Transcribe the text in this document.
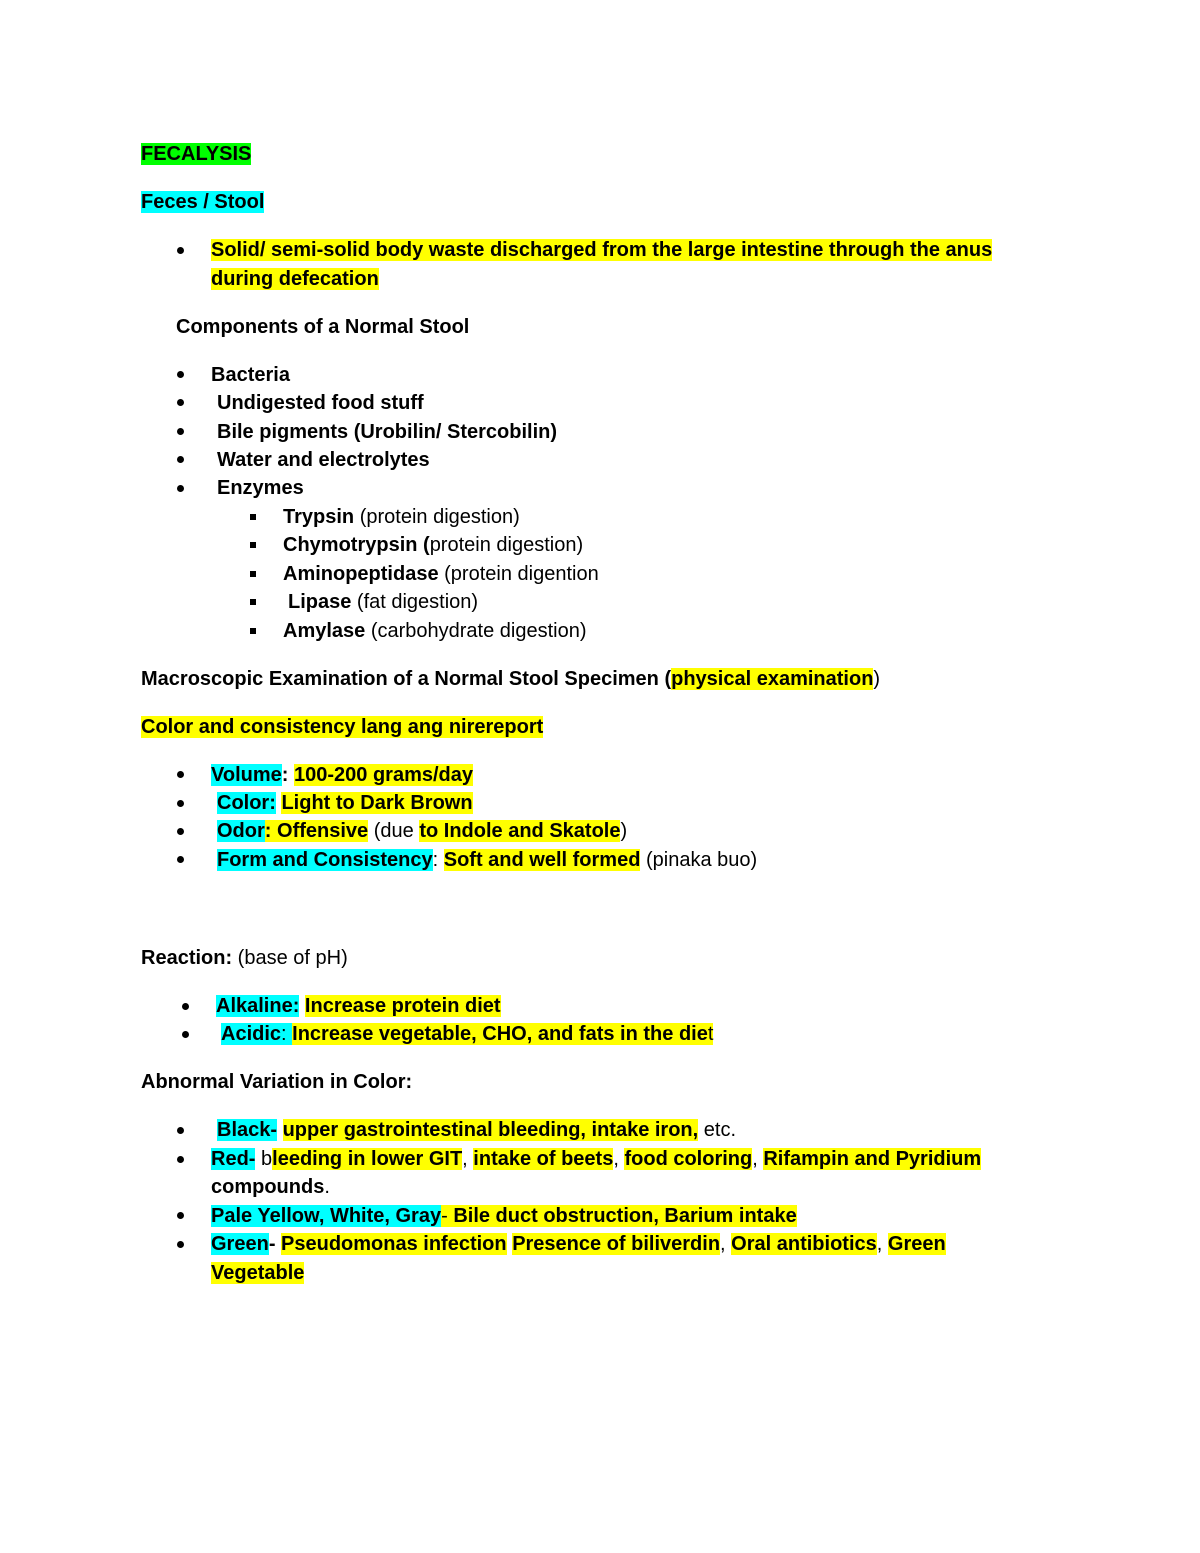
FECALYSIS
Feces / Stool
Solid/ semi-solid body waste discharged from the large intestine through the anus
during defecation
Components of a Normal Stool
Bacteria
Undigested food stuff
Bile pigments (Urobilin/ Stercobilin)
Water and electrolytes
Enzymes
Trypsin (protein digestion)
Chymotrypsin (protein digestion)
Aminopeptidase (protein digention
Lipase (fat digestion)
Amylase (carbohydrate digestion)
Macroscopic Examination of a Normal Stool Specimen (physical examination)
Color and consistency lang ang nirereport
Volume: 100-200 grams/day
Color: Light to Dark Brown
Odor: Offensive (due to Indole and Skatole)
Form and Consistency: Soft and well formed (pinaka buo)
Reaction: (base of pH)
Alkaline: Increase protein diet
Acidic: Increase vegetable, CHO, and fats in the diet
Abnormal Variation in Color:
Black- upper gastrointestinal bleeding, intake iron, etc.
Red- bleeding in lower GIT, intake of beets, food coloring, Rifampin and Pyridium
compounds.
Pale Yellow, White, Gray- Bile duct obstruction, Barium intake
Green- Pseudomonas infection Presence of biliverdin, Oral antibiotics, Green
Vegetable
